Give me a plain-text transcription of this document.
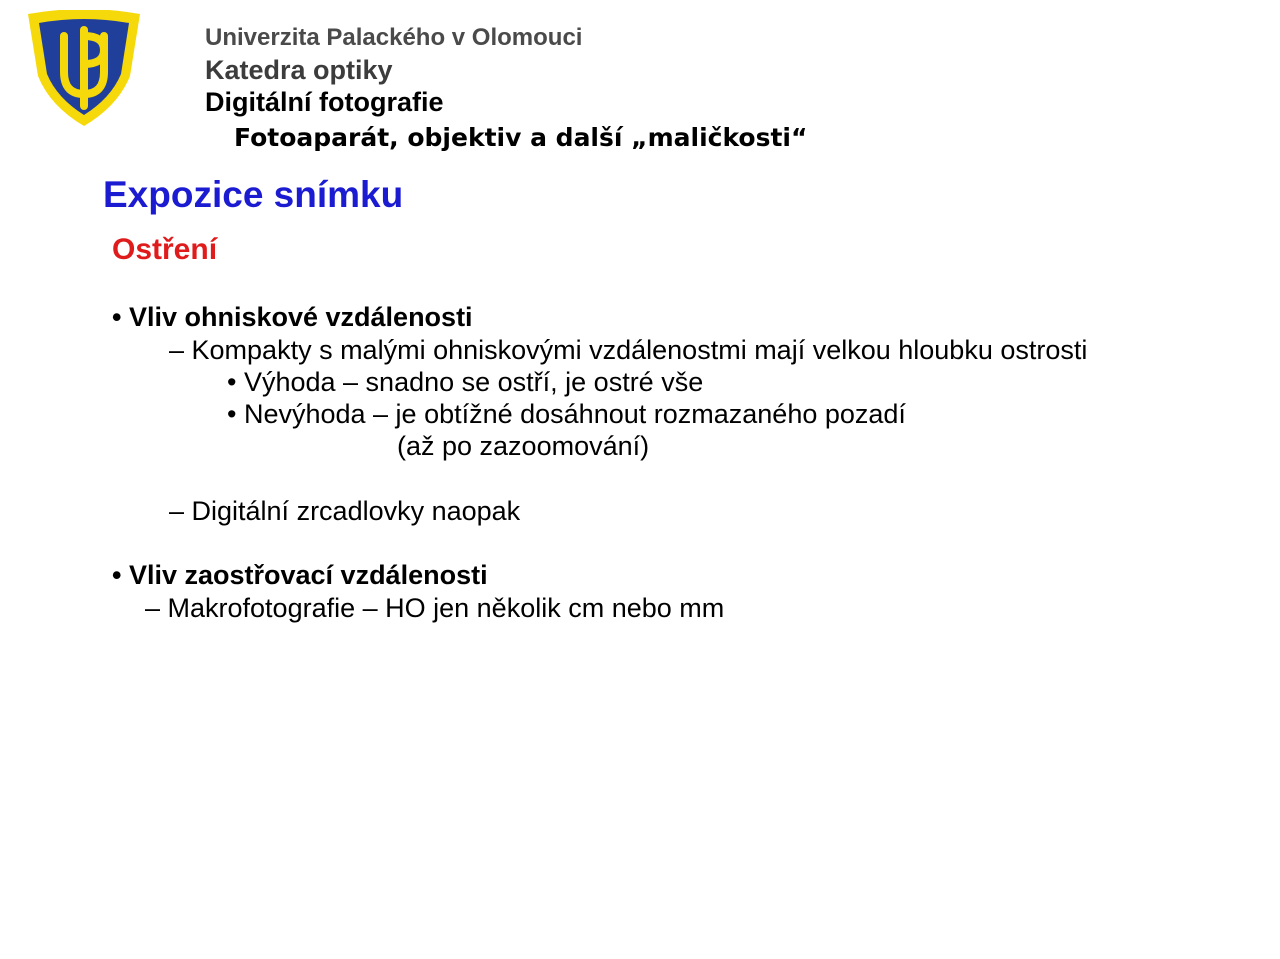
Univerzita Palackého v Olomouci
Katedra optiky
Digitální fotografie
Fotoaparát, objektiv a další „maličkosti“
Expozice snímku
Ostření
• Vliv ohniskové vzdálenosti
– Kompakty s malými ohniskovými vzdálenostmi mají velkou hloubku ostrosti
• Výhoda – snadno se ostří, je ostré vše
• Nevýhoda – je obtížné dosáhnout rozmazaného pozadí
(až po zazoomování)
– Digitální zrcadlovky naopak
• Vliv zaostřovací vzdálenosti
– Makrofotografie – HO jen několik cm nebo mm
